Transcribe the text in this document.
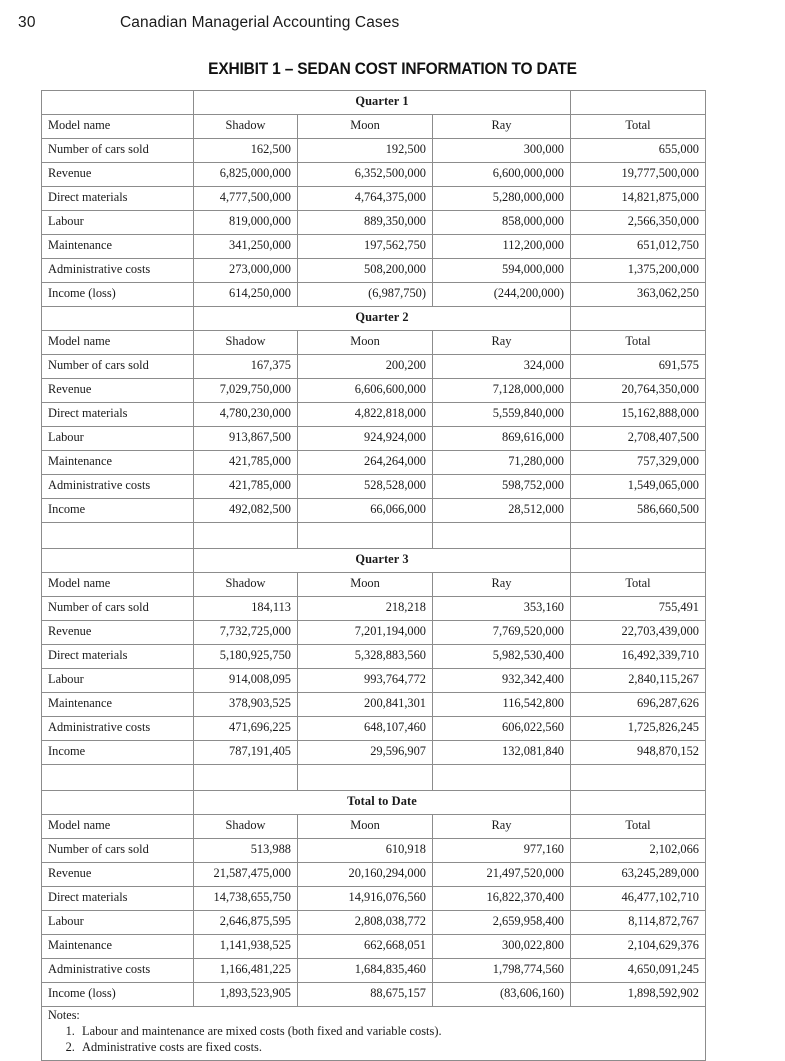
30	Canadian Managerial Accounting Cases
EXHIBIT 1 – SEDAN COST INFORMATION TO DATE
	Quarter 1			
Model name	Shadow	Moon	Ray	Total
Number of cars sold	162,500	192,500	300,000	655,000
Revenue	6,825,000,000	6,352,500,000	6,600,000,000	19,777,500,000
Direct materials	4,777,500,000	4,764,375,000	5,280,000,000	14,821,875,000
Labour	819,000,000	889,350,000	858,000,000	2,566,350,000
Maintenance	341,250,000	197,562,750	112,200,000	651,012,750
Administrative costs	273,000,000	508,200,000	594,000,000	1,375,200,000
Income (loss)	614,250,000	(6,987,750)	(244,200,000)	363,062,250
	Quarter 2			
Model name	Shadow	Moon	Ray	Total
Number of cars sold	167,375	200,200	324,000	691,575
Revenue	7,029,750,000	6,606,600,000	7,128,000,000	20,764,350,000
Direct materials	4,780,230,000	4,822,818,000	5,559,840,000	15,162,888,000
Labour	913,867,500	924,924,000	869,616,000	2,708,407,500
Maintenance	421,785,000	264,264,000	71,280,000	757,329,000
Administrative costs	421,785,000	528,528,000	598,752,000	1,549,065,000
Income	492,082,500	66,066,000	28,512,000	586,660,500

	Quarter 3			
Model name	Shadow	Moon	Ray	Total
Number of cars sold	184,113	218,218	353,160	755,491
Revenue	7,732,725,000	7,201,194,000	7,769,520,000	22,703,439,000
Direct materials	5,180,925,750	5,328,883,560	5,982,530,400	16,492,339,710
Labour	914,008,095	993,764,772	932,342,400	2,840,115,267
Maintenance	378,903,525	200,841,301	116,542,800	696,287,626
Administrative costs	471,696,225	648,107,460	606,022,560	1,725,826,245
Income	787,191,405	29,596,907	132,081,840	948,870,152

	Total to Date			
Model name	Shadow	Moon	Ray	Total
Number of cars sold	513,988	610,918	977,160	2,102,066
Revenue	21,587,475,000	20,160,294,000	21,497,520,000	63,245,289,000
Direct materials	14,738,655,750	14,916,076,560	16,822,370,400	46,477,102,710
Labour	2,646,875,595	2,808,038,772	2,659,958,400	8,114,872,767
Maintenance	1,141,938,525	662,668,051	300,022,800	2,104,629,376
Administrative costs	1,166,481,225	1,684,835,460	1,798,774,560	4,650,091,245
Income (loss)	1,893,523,905	88,675,157	(83,606,160)	1,898,592,902

Notes:
1. Labour and maintenance are mixed costs (both fixed and variable costs).
2. Administrative costs are fixed costs.
